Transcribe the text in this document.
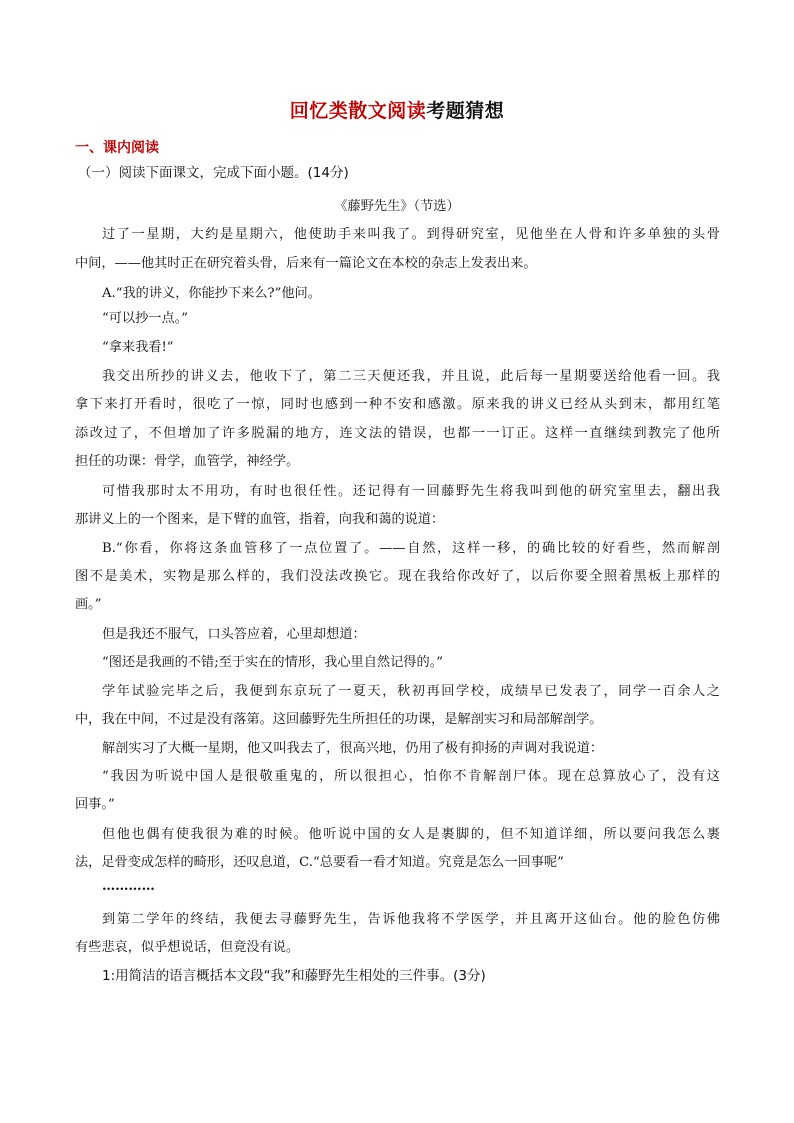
回忆类散文阅读考题猜想
一、课内阅读
（一）阅读下面课文，完成下面小题。(14分)
《藤野先生》（节选）
过了一星期，大约是星期六，他使助手来叫我了。到得研究室，见他坐在人骨和许多单独的头骨
中间，——他其时正在研究着头骨，后来有一篇论文在本校的杂志上发表出来。
A.“我的讲义，你能抄下来么?”他问。
“可以抄一点。”
“拿来我看!”
我交出所抄的讲义去，他收下了，第二三天便还我，并且说，此后每一星期要送给他看一回。我
拿下来打开看时，很吃了一惊，同时也感到一种不安和感激。原来我的讲义已经从头到末，都用红笔
添改过了，不但增加了许多脱漏的地方，连文法的错误，也都一一订正。这样一直继续到教完了他所
担任的功课：骨学，血管学，神经学。
可惜我那时太不用功，有时也很任性。还记得有一回藤野先生将我叫到他的研究室里去，翻出我
那讲义上的一个图来，是下臂的血管，指着，向我和蔼的说道：
B.“你看，你将这条血管移了一点位置了。——自然，这样一移，的确比较的好看些，然而解剖
图不是美术，实物是那么样的，我们没法改换它。现在我给你改好了，以后你要全照着黑板上那样的
画。”
但是我还不服气，口头答应着，心里却想道：
“图还是我画的不错;至于实在的情形，我心里自然记得的。”
学年试验完毕之后，我便到东京玩了一夏天，秋初再回学校，成绩早已发表了，同学一百余人之
中，我在中间，不过是没有落第。这回藤野先生所担任的功课，是解剖实习和局部解剖学。
解剖实习了大概一星期，他又叫我去了，很高兴地，仍用了极有抑扬的声调对我说道：
“我因为听说中国人是很敬重鬼的，所以很担心，怕你不肯解剖尸体。现在总算放心了，没有这
回事。”
但他也偶有使我很为难的时候。他听说中国的女人是裹脚的，但不知道详细，所以要问我怎么裹
法，足骨变成怎样的畸形，还叹息道，C.“总要看一看才知道。究竟是怎么一回事呢”
…………
到第二学年的终结，我便去寻藤野先生，告诉他我将不学医学，并且离开这仙台。他的脸色仿佛
有些悲哀，似乎想说话，但竟没有说。
1:用简洁的语言概括本文段“我”和藤野先生相处的三件事。(3分)
